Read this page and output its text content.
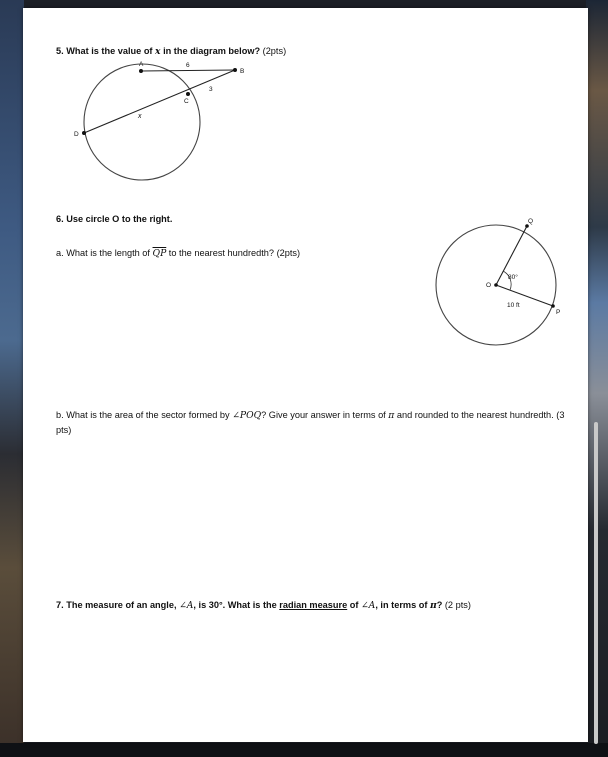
5. What is the value of x in the diagram below? (2pts)
A
B
C
D
6
3
x
6. Use circle O to the right.
a. What is the length of $\overline{QP}$ to the nearest hundredth? (2pts)
O
Q
P
80°
10 ft
b. What is the area of the sector formed by ∠POQ? Give your answer in terms of π and rounded to the nearest hundredth. (3 pts)
7. The measure of an angle, ∠A, is 30°. What is the radian measure of ∠A, in terms of π? (2 pts)
